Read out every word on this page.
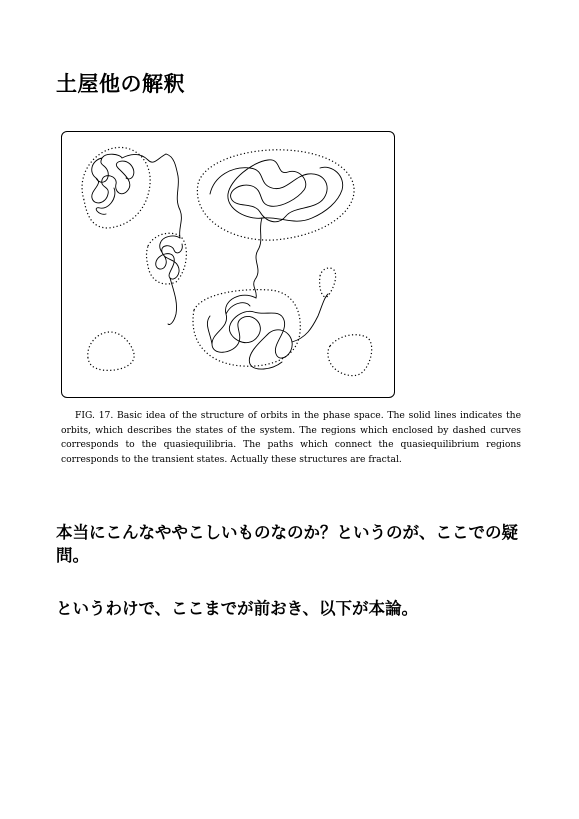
土屋他の解釈

FIG. 17. Basic idea of the structure of orbits in the phase space. The solid lines indicates the orbits, which describes the states of the system. The regions which enclosed by dashed curves corresponds to the quasiequilibria. The paths which connect the quasiequilibrium regions corresponds to the transient states. Actually these structures are fractal.

本当にこんなややこしいものなのか？というのが、ここでの疑問。

というわけで、ここまでが前おき、以下が本論。
